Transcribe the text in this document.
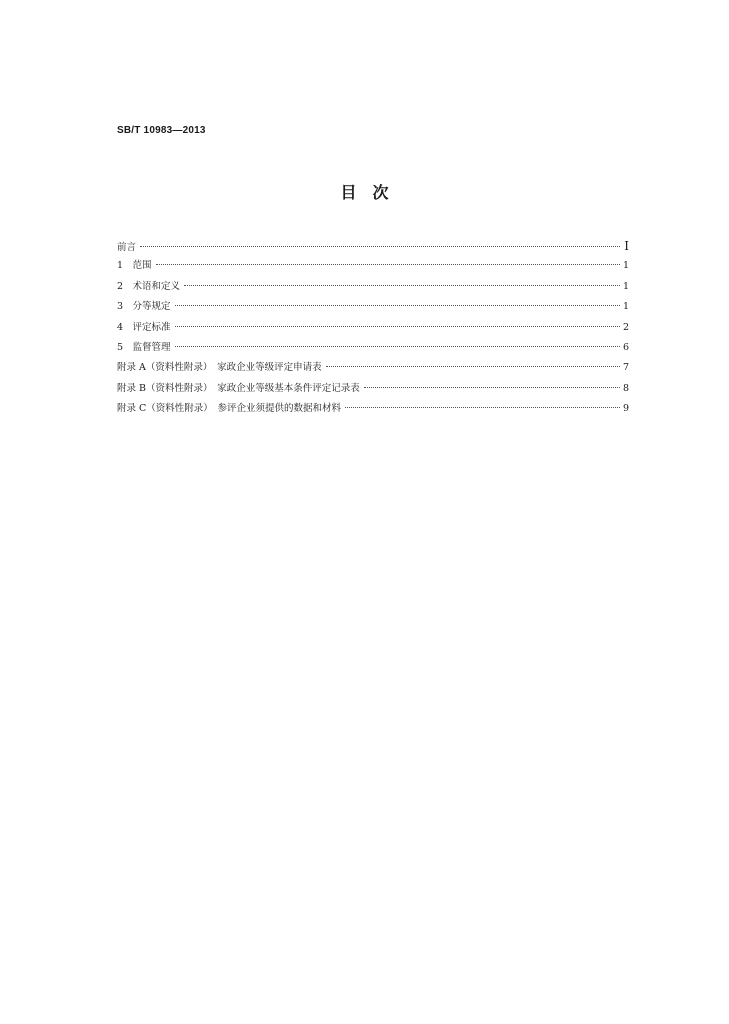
SB/T 10983—2013
目　次
前言	Ⅰ
1　范围	1
2　术语和定义	1
3　分等规定	1
4　评定标准	2
5　监督管理	6
附录 A（资料性附录）　家政企业等级评定申请表	7
附录 B（资料性附录）　家政企业等级基本条件评定记录表	8
附录 C（资料性附录）　参评企业须提供的数据和材料	9
